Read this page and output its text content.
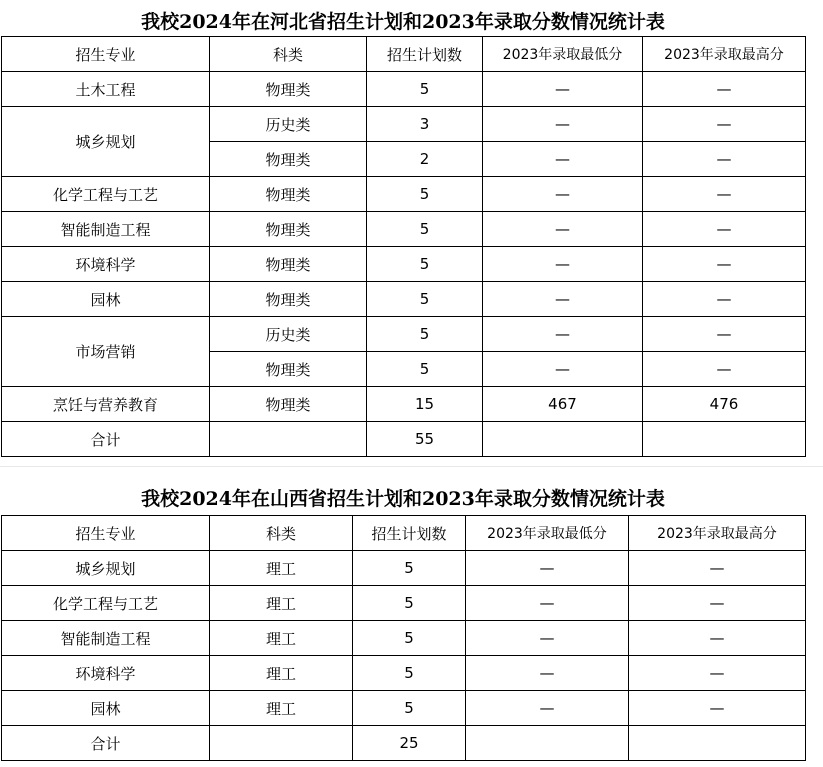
我校2024年在河北省招生计划和2023年录取分数情况统计表
招生专业	科类	招生计划数	2023年录取最低分	2023年录取最高分
土木工程	物理类	5	—	—
城乡规划	历史类	3	—	—
	物理类	2	—	—
化学工程与工艺	物理类	5	—	—
智能制造工程	物理类	5	—	—
环境科学	物理类	5	—	—
园林	物理类	5	—	—
市场营销	历史类	5	—	—
	物理类	5	—	—
烹饪与营养教育	物理类	15	467	476
合计		55		
我校2024年在山西省招生计划和2023年录取分数情况统计表
招生专业	科类	招生计划数	2023年录取最低分	2023年录取最高分
城乡规划	理工	5	—	—
化学工程与工艺	理工	5	—	—
智能制造工程	理工	5	—	—
环境科学	理工	5	—	—
园林	理工	5	—	—
合计		25		
